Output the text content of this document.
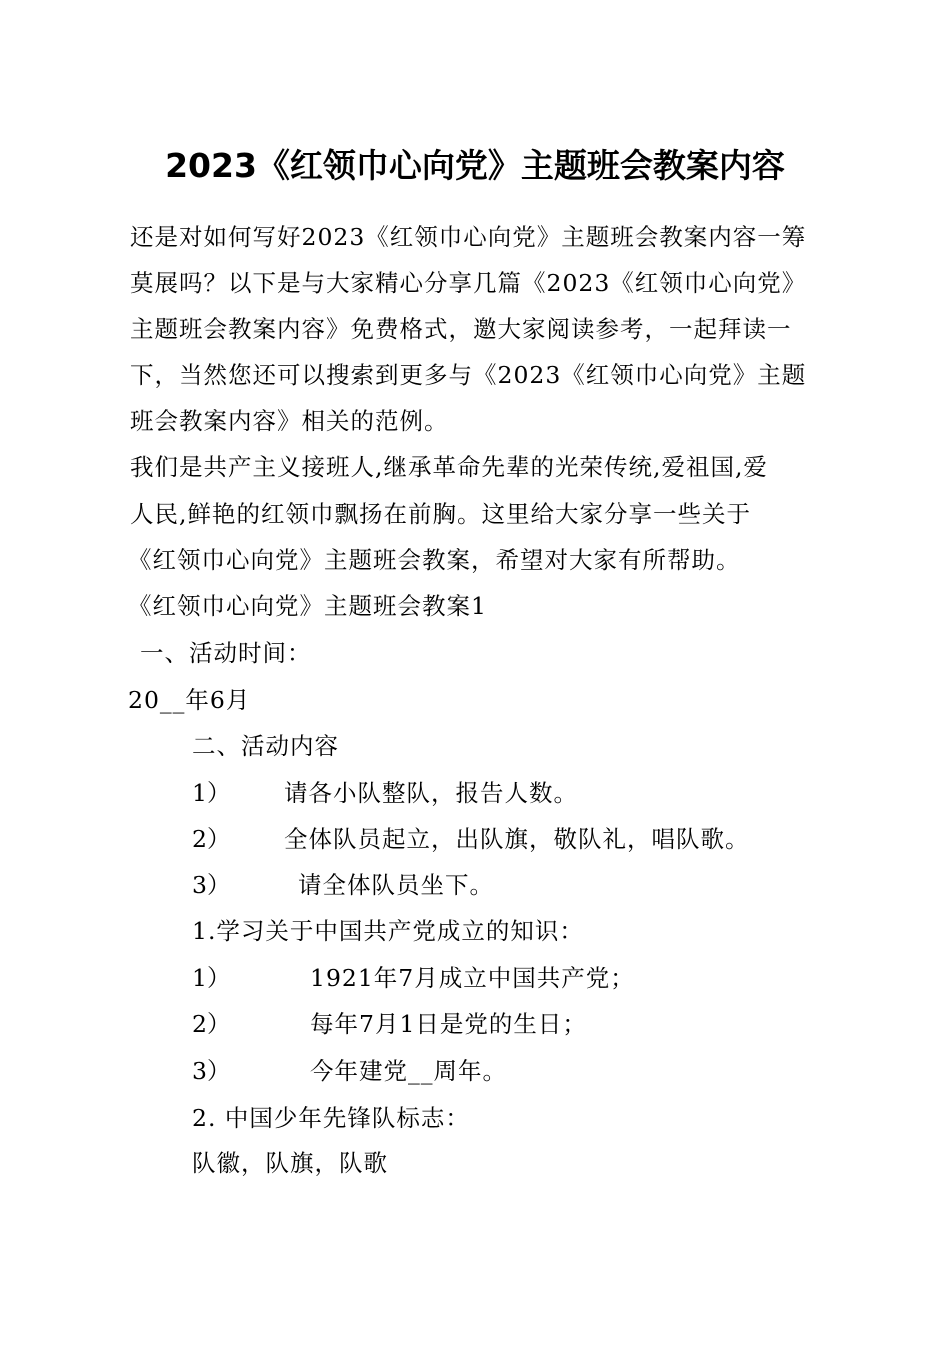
2023《红领巾心向党》主题班会教案内容
还是对如何写好2023《红领巾心向党》主题班会教案内容一筹
莫展吗？以下是与大家精心分享几篇《2023《红领巾心向党》
主题班会教案内容》免费格式，邀大家阅读参考，一起拜读一
下，当然您还可以搜索到更多与《2023《红领巾心向党》主题
班会教案内容》相关的范例。
我们是共产主义接班人,继承革命先辈的光荣传统,爱祖国,爱
人民,鲜艳的红领巾飘扬在前胸。这里给大家分享一些关于
《红领巾心向党》主题班会教案，希望对大家有所帮助。
《红领巾心向党》主题班会教案1
一、活动时间：
20__年6月
二、活动内容
1） 请各小队整队，报告人数。
2） 全体队员起立，出队旗，敬队礼，唱队歌。
3）	请全体队员坐下。
1.学习关于中国共产党成立的知识：
1）	1921年7月成立中国共产党；
2）	每年7月1日是党的生日；
3）	今年建党__周年。
2. 中国少年先锋队标志：
队徽，队旗，队歌
